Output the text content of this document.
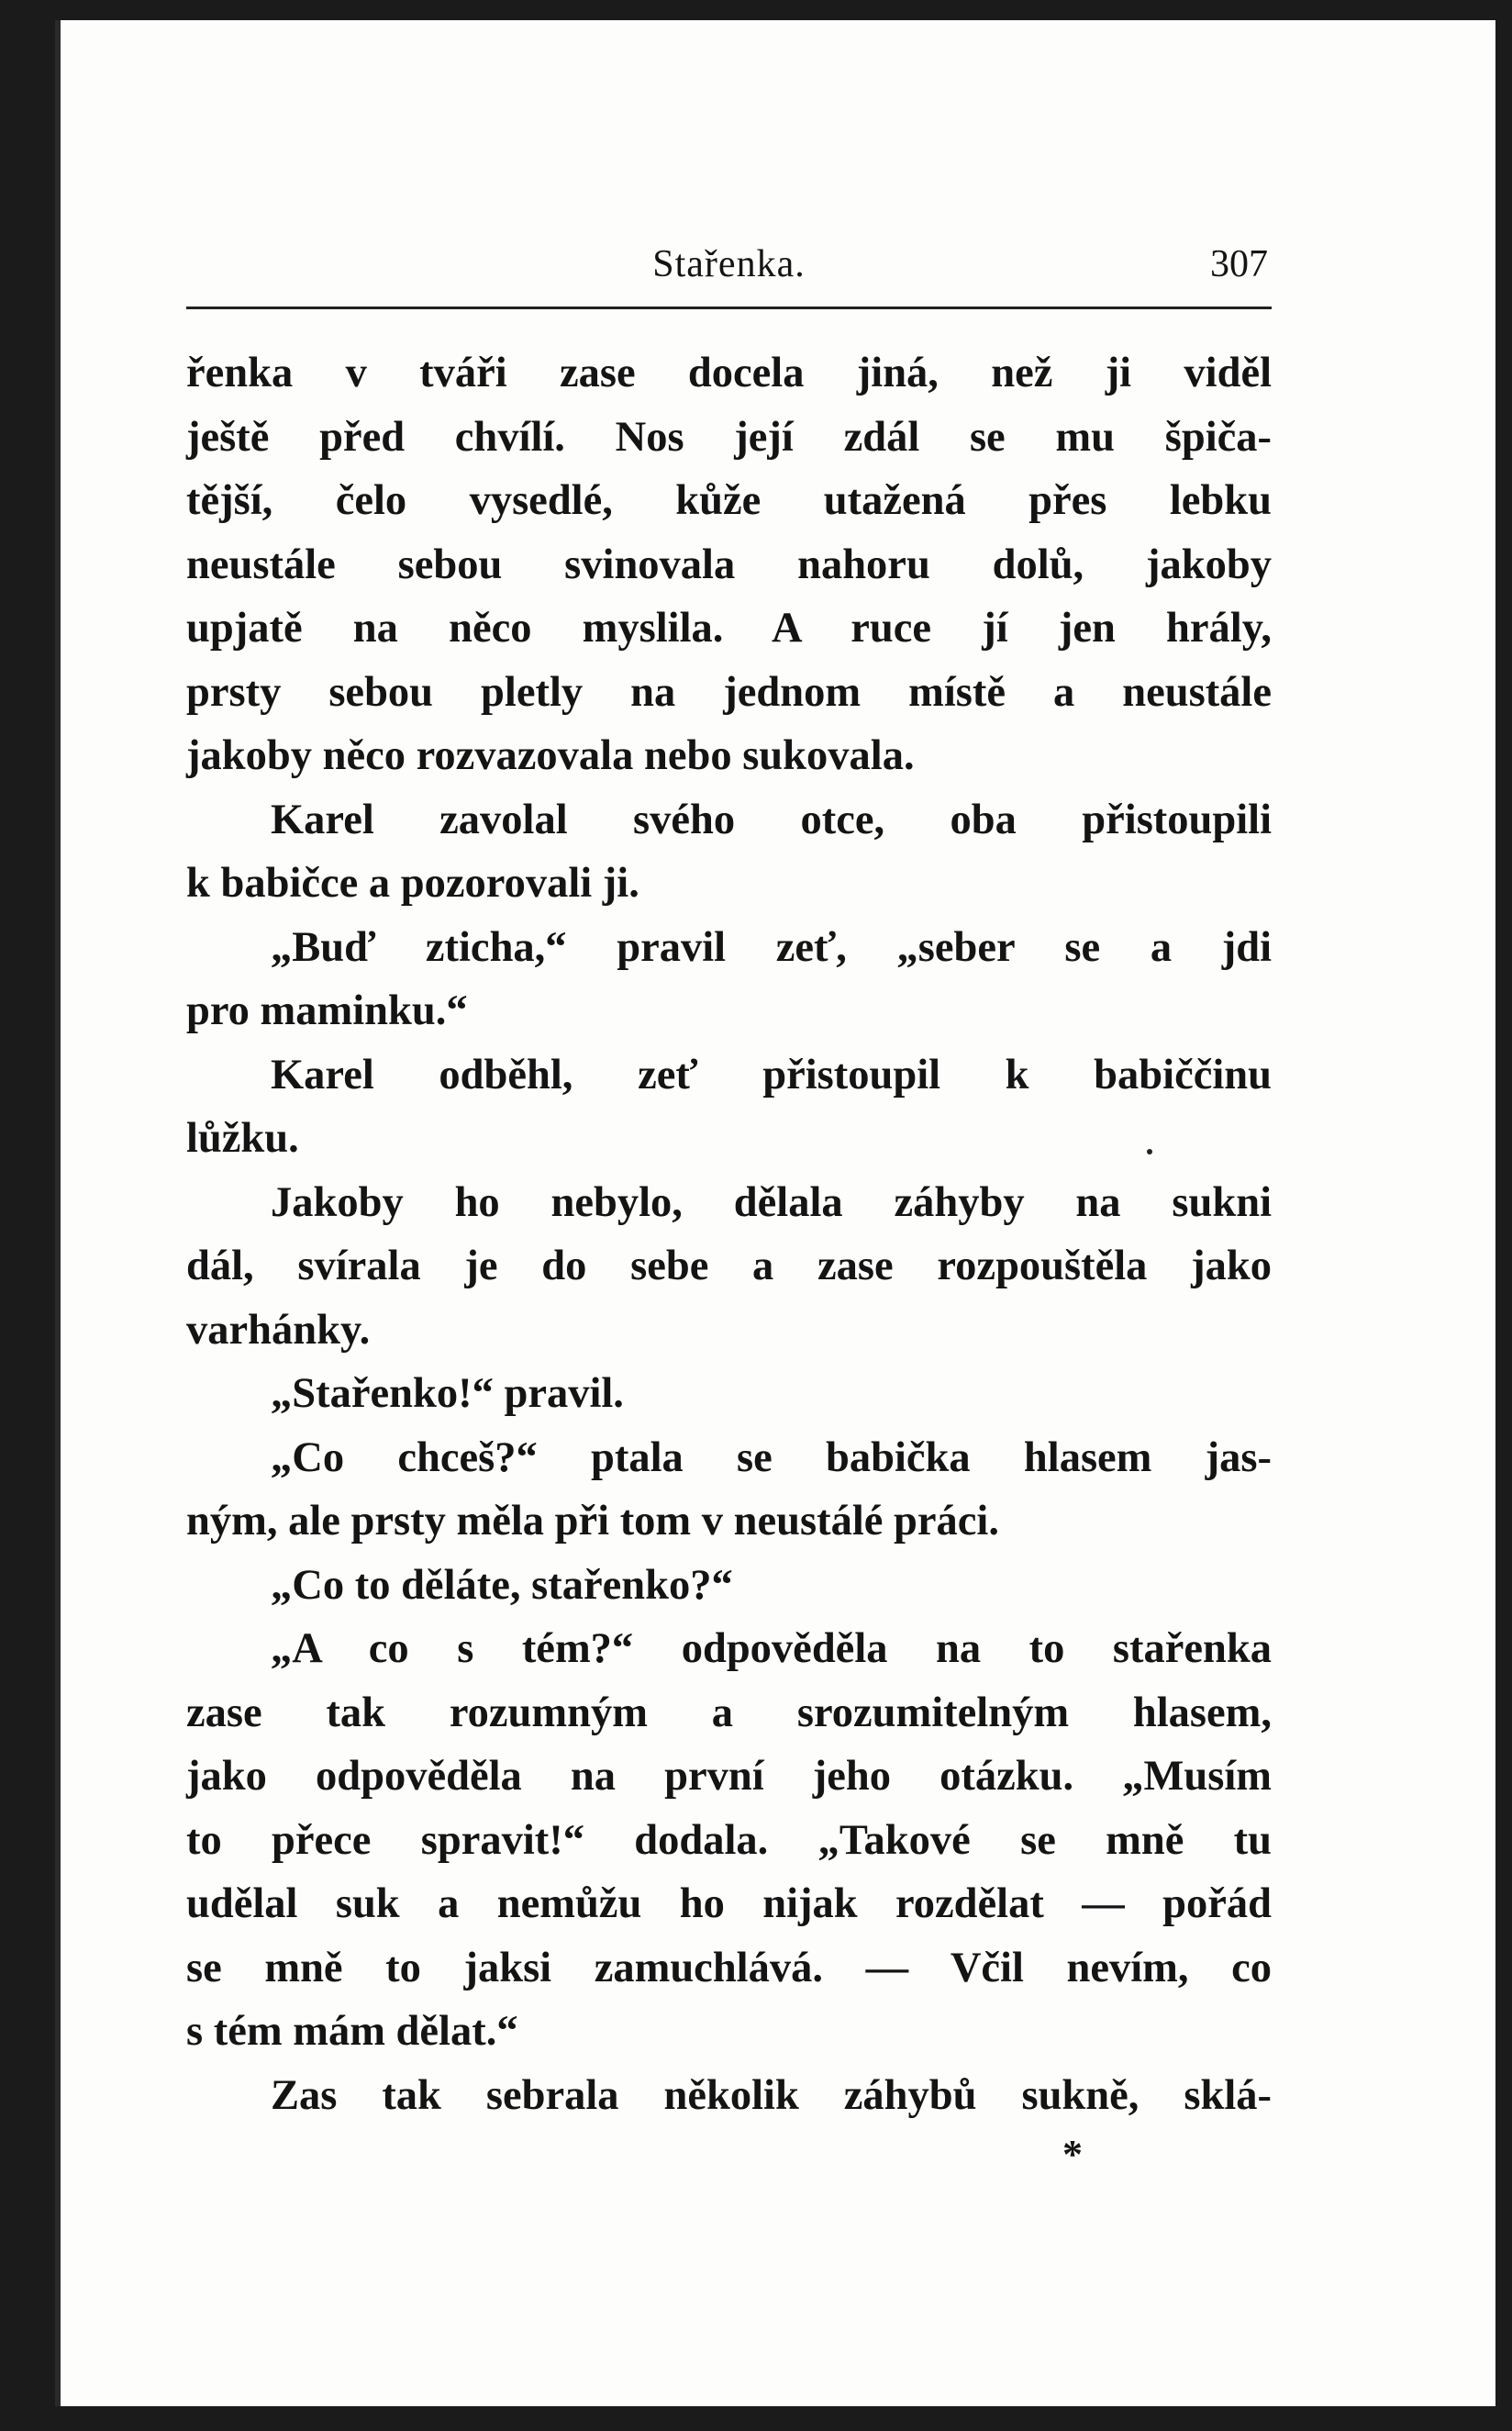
Stařenka.	307
řenka v tváři zase docela jiná, než ji viděl
ještě před chvílí. Nos její zdál se mu špiča-
tější, čelo vysedlé, kůže utažená přes lebku
neustále sebou svinovala nahoru dolů, jakoby
upjatě na něco myslila. A ruce jí jen hrály,
prsty sebou pletly na jednom místě a neustále
jakoby něco rozvazovala nebo sukovala.
Karel zavolal svého otce, oba přistoupili
k babičce a pozorovali ji.
„Buď zticha,“ pravil zeť, „seber se a jdi
pro maminku.“
Karel odběhl, zeť přistoupil k babiččinu
lůžku.
Jakoby ho nebylo, dělala záhyby na sukni
dál, svírala je do sebe a zase rozpouštěla jako
varhánky.
„Stařenko!“ pravil.
„Co chceš?“ ptala se babička hlasem jas-
ným, ale prsty měla při tom v neustálé práci.
„Co to děláte, stařenko?“
„A co s tém?“ odpověděla na to stařenka
zase tak rozumným a srozumitelným hlasem,
jako odpověděla na první jeho otázku. „Musím
to přece spravit!“ dodala. „Takové se mně tu
udělal suk a nemůžu ho nijak rozdělat — pořád
se mně to jaksi zamuchlává. — Včil nevím, co
s tém mám dělat.“
Zas tak sebrala několik záhybů sukně, sklá-
*
